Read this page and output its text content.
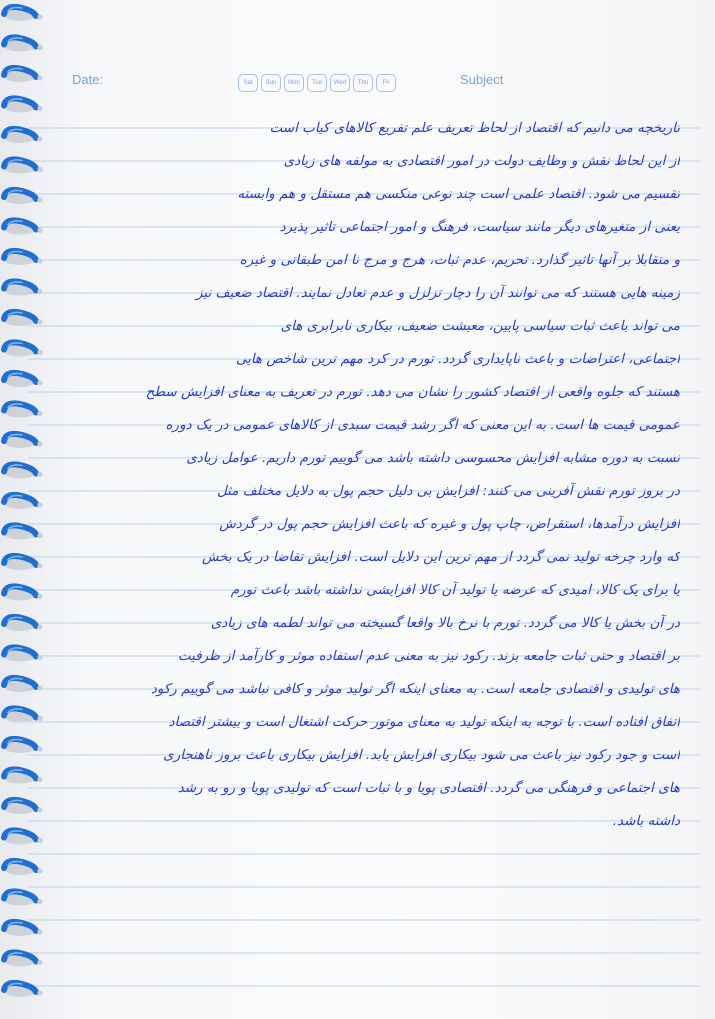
Date:	Sat	Sun	Mon	Tue	Wed	Thu	Fri	Subject
تاریخچه می دانیم که اقتصاد از لحاظ تعریف علم تفریع کالاهای کیاب است
از این لحاظ نقش و وظایف دولت در امور اقتصادی به مولفه های زیادی
تقسیم می شود. اقتصاد علمی است چند نوعی منکسی هم مستقل و هم وابسته
یعنی از متغیرهای دیگر مانند سیاست، فرهنگ و امور اجتماعی تاثیر پذیرد
و متقابلا بر آنها تاثیر گذارد. تحریم، عدم ثبات، هرج و مرج نا امن طبقاتی و غیره
زمینه هایی هستند که می توانند آن را دچار تزلزل و عدم تعادل نمایند. اقتصاد ضعیف نیز
می تواند باعث ثبات سیاسی پایین، معیشت ضعیف، بیکاری نابرابری های
اجتماعی، اعتراضات و باعث ناپایداری گردد. تورم در کرد مهم ترین شاخص هایی
هستند که جلوه واقعی از اقتصاد کشور را نشان می دهد. تورم در تعریف به معنای افزایش سطح
عمومی قیمت ها است. به این معنی که اگر رشد قیمت سبدی از کالاهای عمومی در یک دوره
نسبت به دوره مشابه افزایش محسوسی داشته باشد می گوییم تورم داریم. عوامل زیادی
در بروز تورم نقش آفرینی می کنند: افزایش بی دلیل حجم پول به دلایل مختلف مثل
افزایش درآمدها، استقراض، چاپ پول و غیره که باعث افزایش حجم پول در گردش
که وارد چرخه تولید نمی گردد از مهم ترین این دلایل است. افزایش تقاضا در یک بخش
یا برای یک کالا، امیدی که عرضه یا تولید آن کالا افزایشی نداشته باشد باعث تورم
در آن بخش یا کالا می گردد. تورم با نرخ بالا واقعا گسیخته می تواند لطمه های زیادی
بر اقتصاد و حتی ثبات جامعه بزند. رکود نیز به معنی عدم استفاده موثر و کارآمد از ظرفیت
های تولیدی و اقتصادی جامعه است. به معنای اینکه اگر تولید موثر و کافی نباشد می گوییم رکود
اتفاق افتاده است. با توجه به اینکه تولید به معنای موتور حرکت اشتغال است و بیشتر اقتصاد
است و جود رکود نیز باعث می شود بیکاری افزایش یابد. افزایش بیکاری باعث بروز ناهنجاری
های اجتماعی و فرهنگی می گردد. اقتصادی پویا و با ثبات است که تولیدی پویا و رو به رشد
داشته باشد.
